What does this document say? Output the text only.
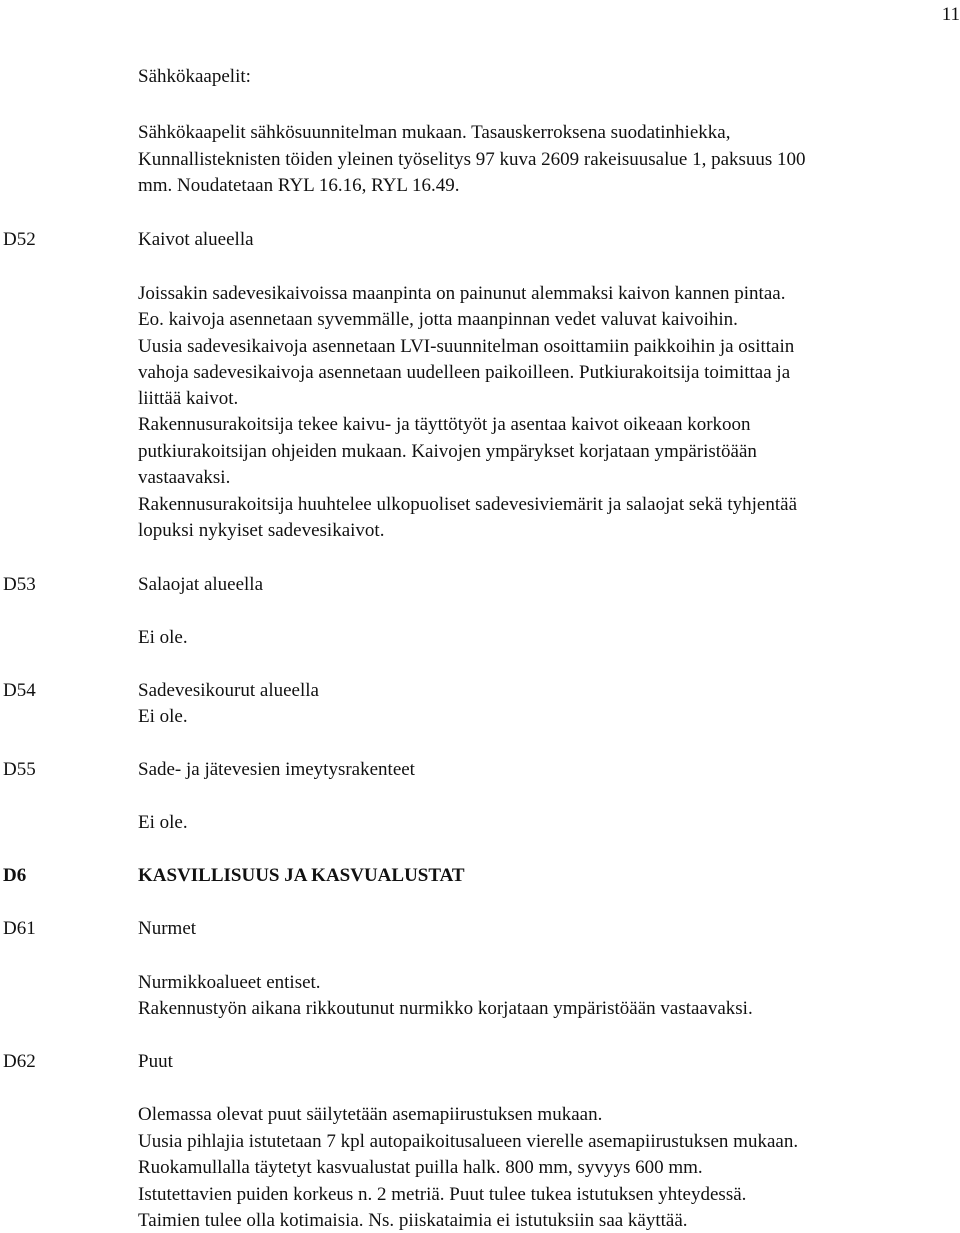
11
Sähkökaapelit:
Sähkökaapelit sähkösuunnitelman mukaan. Tasauskerroksena suodatinhiekka,
Kunnallisteknisten töiden yleinen työselitys 97 kuva 2609 rakeisuusalue 1, paksuus 100
mm. Noudatetaan RYL 16.16, RYL 16.49.
D52	Kaivot alueella
Joissakin sadevesikaivoissa maanpinta on painunut alemmaksi kaivon kannen pintaa.
Eo. kaivoja asennetaan syvemmälle, jotta maanpinnan vedet valuvat kaivoihin.
Uusia sadevesikaivoja asennetaan LVI-suunnitelman osoittamiin paikkoihin ja osittain
vahoja sadevesikaivoja asennetaan uudelleen paikoilleen. Putkiurakoitsija toimittaa ja
liittää kaivot.
Rakennusurakoitsija tekee kaivu- ja täyttötyöt ja asentaa kaivot oikeaan korkoon
putkiurakoitsijan ohjeiden mukaan. Kaivojen ympärykset korjataan ympäristöään
vastaavaksi.
Rakennusurakoitsija huuhtelee ulkopuoliset sadevesiviemärit ja salaojat sekä tyhjentää
lopuksi nykyiset sadevesikaivot.
D53	Salaojat alueella
Ei ole.
D54	Sadevesikourut alueella
Ei ole.
D55	Sade- ja jätevesien imeytysrakenteet
Ei ole.
D6	KASVILLISUUS JA KASVUALUSTAT
D61	Nurmet
Nurmikkoalueet entiset.
Rakennustyön aikana rikkoutunut nurmikko korjataan ympäristöään vastaavaksi.
D62	Puut
Olemassa olevat puut säilytetään asemapiirustuksen mukaan.
Uusia pihlajia istutetaan 7 kpl autopaikoitusalueen vierelle asemapiirustuksen mukaan.
Ruokamullalla täytetyt kasvualustat puilla halk. 800 mm, syvyys 600 mm.
Istutettavien puiden korkeus n. 2 metriä. Puut tulee tukea istutuksen yhteydessä.
Taimien tulee olla kotimaisia. Ns. piiskataimia ei istutuksiin saa käyttää.
